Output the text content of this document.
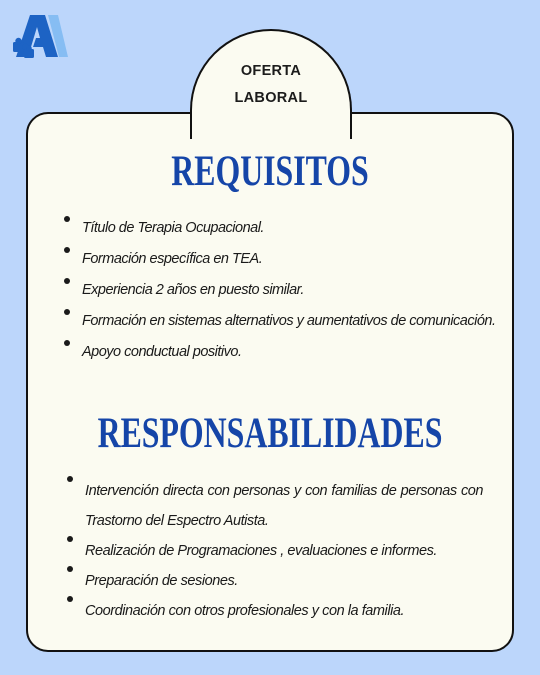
OFERTA
LABORAL
REQUISITOS
Título de Terapia Ocupacional.
Formación específica en TEA.
Experiencia 2 años en puesto similar.
Formación en sistemas alternativos y aumentativos de comunicación.
Apoyo conductual positivo.
RESPONSABILIDADES
Intervención directa con personas y con familias de personas con Trastorno del Espectro Autista.
Realización de Programaciones , evaluaciones e informes.
Preparación de sesiones.
Coordinación con otros profesionales y con la familia.
